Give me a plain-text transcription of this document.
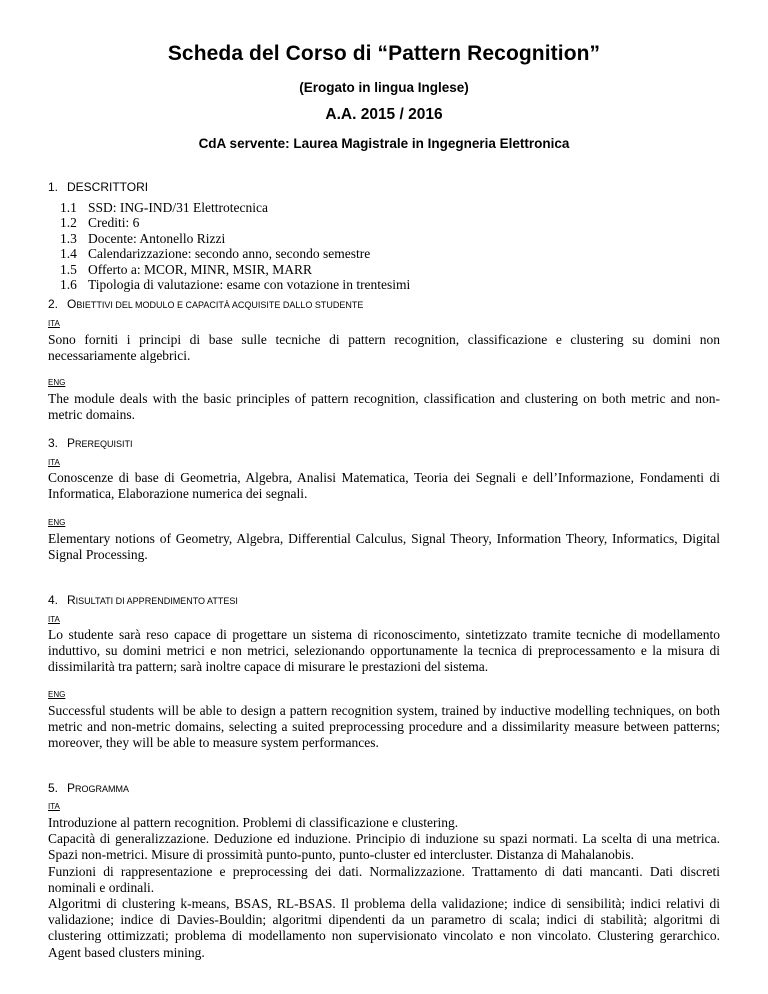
Scheda del Corso di “Pattern Recognition”
(Erogato in lingua Inglese)
A.A. 2015 / 2016
CdA servente: Laurea Magistrale in Ingegneria Elettronica
1. DESCRITTORI
1.1 SSD: ING-IND/31 Elettrotecnica
1.2 Crediti: 6
1.3 Docente: Antonello Rizzi
1.4 Calendarizzazione: secondo anno, secondo semestre
1.5 Offerto a: MCOR, MINR, MSIR, MARR
1.6 Tipologia di valutazione: esame con votazione in trentesimi
2. OBIETTIVI DEL MODULO E CAPACITÀ ACQUISITE DALLO STUDENTE
ITA
Sono forniti i principi di base sulle tecniche di pattern recognition, classificazione e clustering su domini non necessariamente algebrici.
ENG
The module deals with the basic principles of pattern recognition, classification and clustering on both metric and non-metric domains.
3. PREREQUISITI
ITA
Conoscenze di base di Geometria, Algebra, Analisi Matematica, Teoria dei Segnali e dell’Informazione, Fondamenti di Informatica, Elaborazione numerica dei segnali.
ENG
Elementary notions of Geometry, Algebra, Differential Calculus, Signal Theory, Information Theory, Informatics, Digital Signal Processing.
4. RISULTATI DI APPRENDIMENTO ATTESI
ITA
Lo studente sarà reso capace di progettare un sistema di riconoscimento, sintetizzato tramite tecniche di modellamento induttivo, su domini metrici e non metrici, selezionando opportunamente la tecnica di preprocessamento e la misura di dissimilarità tra pattern; sarà inoltre capace di misurare le prestazioni del sistema.
ENG
Successful students will be able to design a pattern recognition system, trained by inductive modelling techniques, on both metric and non-metric domains, selecting a suited preprocessing procedure and a dissimilarity measure between patterns; moreover, they will be able to measure system performances.
5. PROGRAMMA
ITA
Introduzione al pattern recognition. Problemi di classificazione e clustering.
Capacità di generalizzazione. Deduzione ed induzione. Principio di induzione su spazi normati. La scelta di una metrica. Spazi non-metrici. Misure di prossimità punto-punto, punto-cluster ed intercluster. Distanza di Mahalanobis.
Funzioni di rappresentazione e preprocessing dei dati. Normalizzazione. Trattamento di dati mancanti. Dati discreti nominali e ordinali.
Algoritmi di clustering k-means, BSAS, RL-BSAS. Il problema della validazione; indice di sensibilità; indici relativi di validazione; indice di Davies-Bouldin; algoritmi dipendenti da un parametro di scala; indici di stabilità; algoritmi di clustering ottimizzati; problema di modellamento non supervisionato vincolato e non vincolato. Clustering gerarchico. Agent based clusters mining.
